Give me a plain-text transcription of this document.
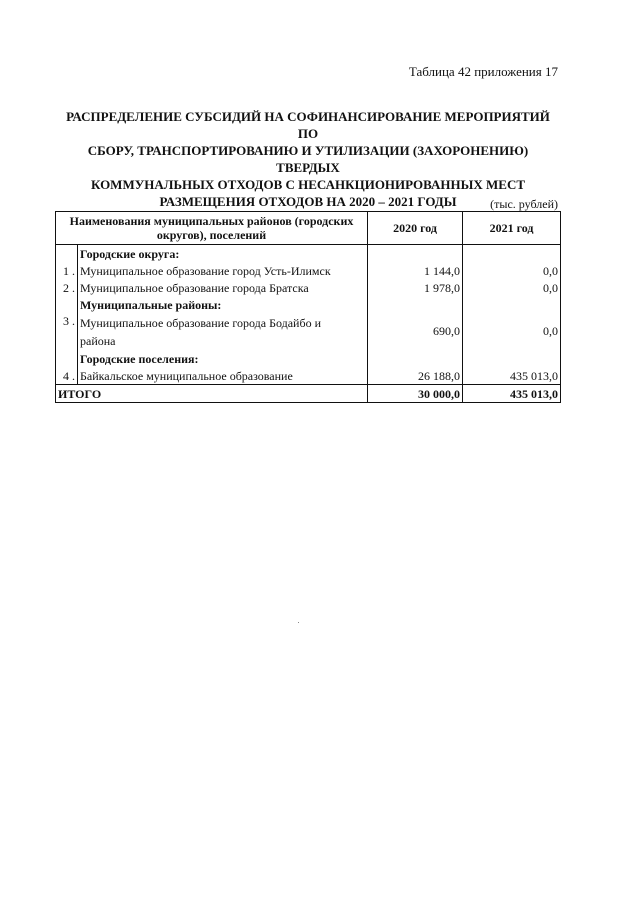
Таблица 42 приложения 17
РАСПРЕДЕЛЕНИЕ СУБСИДИЙ НА СОФИНАНСИРОВАНИЕ МЕРОПРИЯТИЙ ПО
СБОРУ, ТРАНСПОРТИРОВАНИЮ И УТИЛИЗАЦИИ (ЗАХОРОНЕНИЮ) ТВЕРДЫХ
КОММУНАЛЬНЫХ ОТХОДОВ С НЕСАНКЦИОНИРОВАННЫХ МЕСТ
РАЗМЕЩЕНИЯ ОТХОДОВ НА 2020 – 2021 ГОДЫ	(тыс. рублей)
Наименования муниципальных районов (городских округов), поселений		2020 год	2021 год
	Городские округа:		
1 .	Муниципальное образование город Усть-Илимск	1 144,0	0,0
2 .	Муниципальное образование города Братска	1 978,0	0,0
	Муниципальные районы:		
3 .	Муниципальное образование города Бодайбо и
района	690,0	0,0
	Городские поселения:		
4 .	Байкальское муниципальное образование	26 188,0	435 013,0
ИТОГО		30 000,0	435 013,0
